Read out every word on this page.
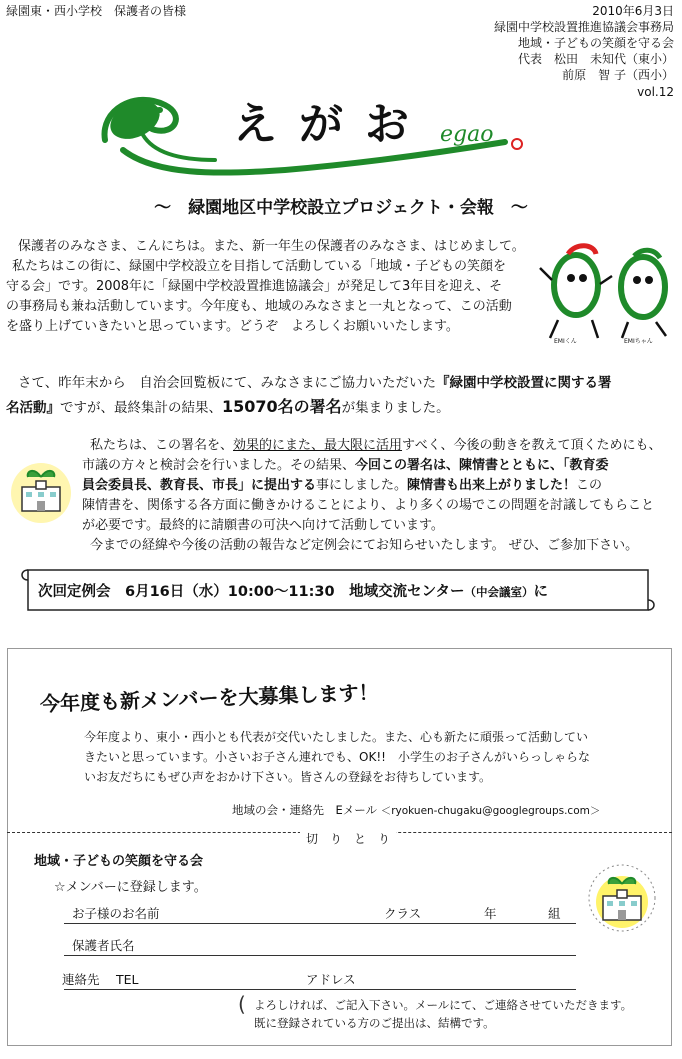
緑園東・西小学校　保護者の皆様	2010年6月3日
緑園中学校設置推進協議会事務局
地域・子どもの笑顔を守る会
代表　松田　未知代（東小）
前原　智 子（西小）
vol.12
えがお egao
～　緑園地区中学校設立プロジェクト・会報　～

保護者のみなさま、こんにちは。また、新一年生の保護者のみなさま、はじめまして。

私たちはこの街に、緑園中学校設立を目指して活動している「地域・子どもの笑顔を

守る会」です。2008年に「緑園中学校設置推進協議会」が発足して3年目を迎え、そ

の事務局も兼ね活動しています。今年度も、地域のみなさまと一丸となって、この活動

を盛り上げていきたいと思っています。どうぞ　よろしくお願いいたします。

EMIくん	EMIちゃん
さて、昨年末から　自治会回覧板にて、みなさまにご協力いただいた『緑園中学校設置に関する署
名活動』ですが、最終集計の結果、15070名の署名が集まりました。

私たちは、この署名を、効果的にまた、最大限に活用すべく、今後の動きを教えて頂くためにも、

市議の方々と検討会を行いました。その結果、今回この署名は、陳情書とともに、「教育委

員会委員長、教育長、市長」に提出する事にしました。陳情書も出来上がりました！この

陳情書を、関係する各方面に働きかけることにより、より多くの場でこの問題を討議してもらこと

が必要です。最終的に請願書の可決へ向けて活動しています。

今までの経緯や今後の活動の報告など定例会にてお知らせいたします。 ぜひ、ご参加下さい。

次回定例会　6月16日（水）10:00～11:30　地域交流センター（中会議室）に
今年度も新メンバーを大募集します！

今年度より、東小・西小とも代表が交代いたしました。また、心も新たに頑張って活動してい

きたいと思っています。小さいお子さん連れでも、OK!!　小学生のお子さんがいらっしゃらな

いお友だちにもぜひ声をおかけ下さい。皆さんの登録をお待ちしています。

地域の会・連絡先　Eメール ＜ryokuen-chugaku@googlegroups.com＞
切　り　と　り
地域・子どもの笑顔を守る会
☆メンバーに登録します。
お子様のお名前	クラス	年	組
保護者氏名
連絡先　 TEL	アドレス
( よろしければ、ご記入下さい。メールにて、ご連絡させていただきます。

既に登録されている方のご提出は、結構です。
